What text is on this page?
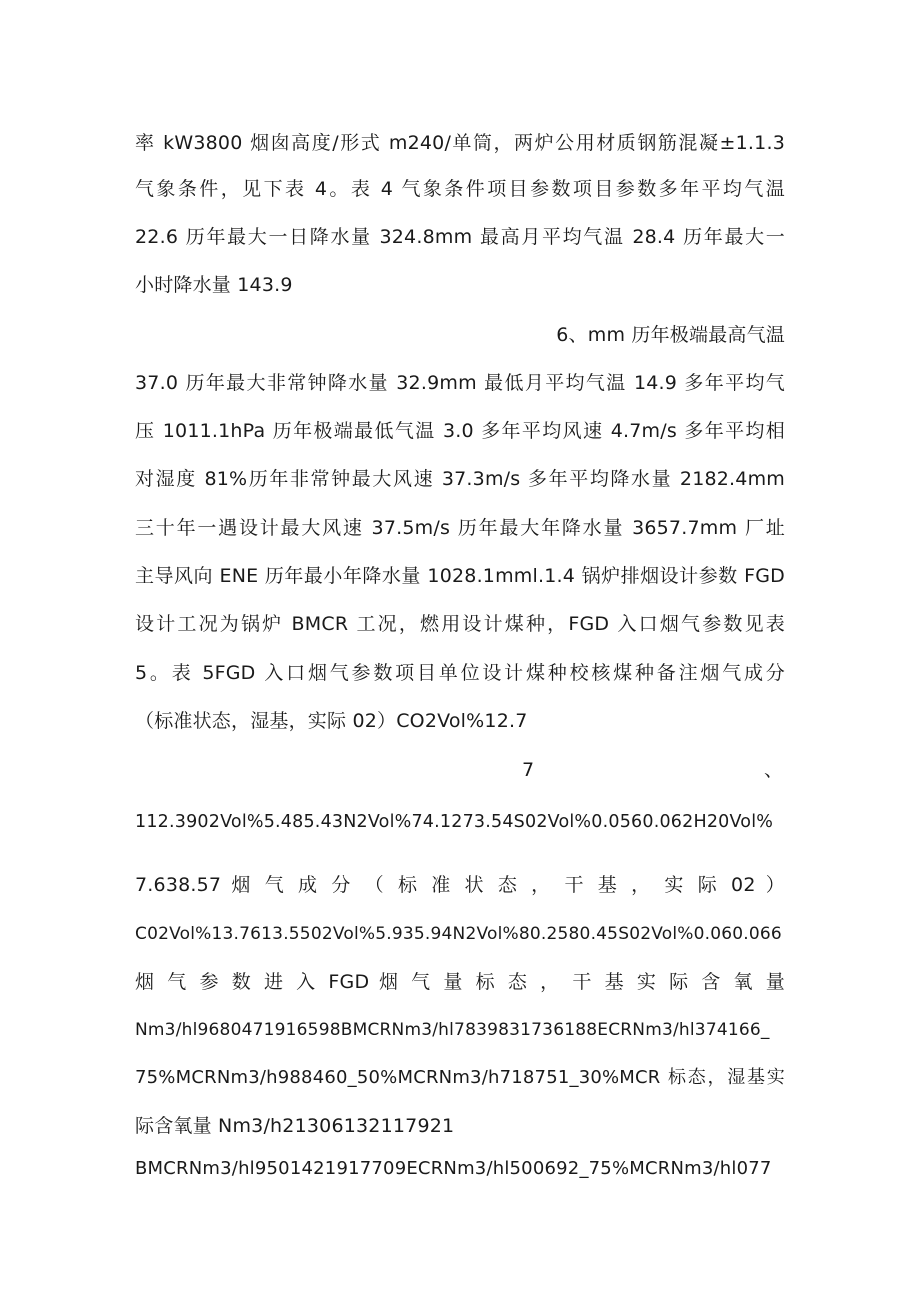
率 kW3800 烟囱高度/形式 m240/单筒，两炉公用材质钢筋混凝±1.1.3
气象条件，见下表 4。表 4 气象条件项目参数项目参数多年平均气温
22.6 历年最大一日降水量 324.8mm 最高月平均气温 28.4 历年最大一
小时降水量 143.9
6、mm 历年极端最高气温
37.0 历年最大非常钟降水量 32.9mm 最低月平均气温 14.9 多年平均气
压 1011.1hPa 历年极端最低气温 3.0 多年平均风速 4.7m/s 多年平均相
对湿度 81%历年非常钟最大风速 37.3m/s 多年平均降水量 2182.4mm
三十年一遇设计最大风速 37.5m/s 历年最大年降水量 3657.7mm 厂址
主导风向 ENE 历年最小年降水量 1028.1mml.1.4 锅炉排烟设计参数 FGD
设计工况为锅炉 BMCR 工况，燃用设计煤种，FGD 入口烟气参数见表
5。表 5FGD 入口烟气参数项目单位设计煤种校核煤种备注烟气成分
（标准状态，湿基，实际 02）CO2Vol%12.7
7	、
112.3902Vol%5.485.43N2Vol%74.1273.54S02Vol%0.0560.062H20Vol%
7.638.57 烟 气 成 分 （ 标 准 状 态 ， 干 基 ， 实 际 02 ）
C02Vol%13.7613.5502Vol%5.935.94N2Vol%80.2580.45S02Vol%0.060.066
烟 气 参 数 进 入 FGD 烟 气 量 标 态 ， 干 基 实 际 含 氧 量
Nm3/hl9680471916598BMCRNm3/hl7839831736188ECRNm3/hl374166_
75%MCRNm3/h988460_50%MCRNm3/h718751_30%MCR 标态，湿基实
际含氧量 Nm3/h21306132117921
BMCRNm3/hl9501421917709ECRNm3/hl500692_75%MCRNm3/hl077
